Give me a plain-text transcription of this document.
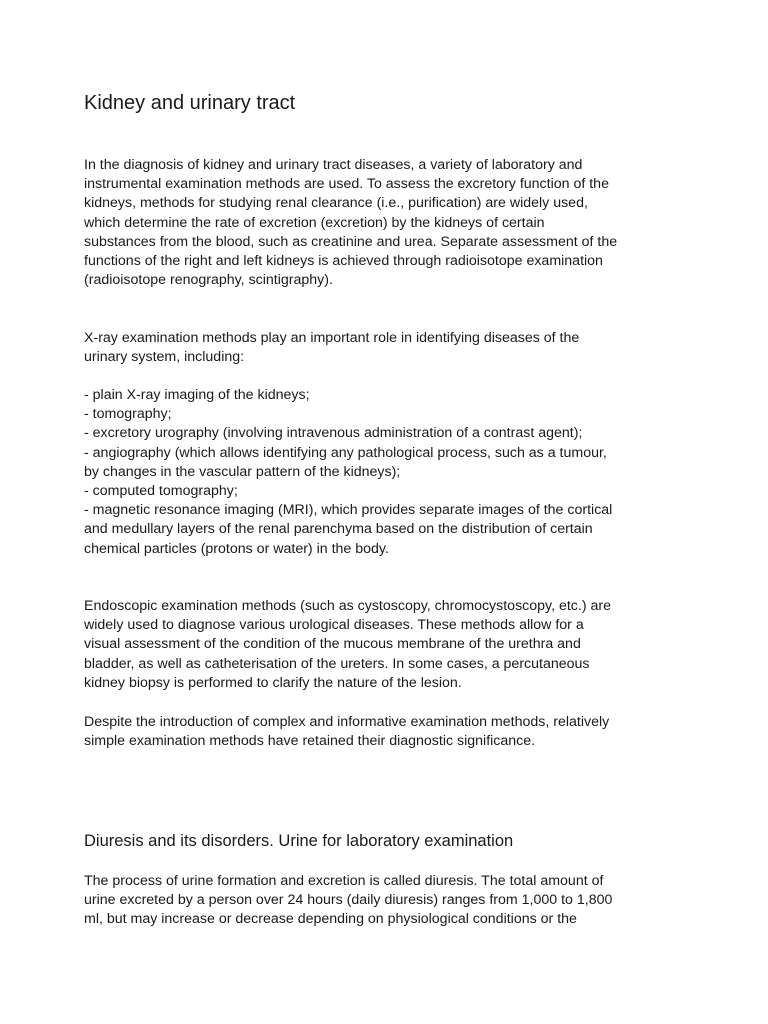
Kidney and urinary tract
In the diagnosis of kidney and urinary tract diseases, a variety of laboratory and
instrumental examination methods are used. To assess the excretory function of the
kidneys, methods for studying renal clearance (i.e., purification) are widely used,
which determine the rate of excretion (excretion) by the kidneys of certain
substances from the blood, such as creatinine and urea. Separate assessment of the
functions of the right and left kidneys is achieved through radioisotope examination
(radioisotope renography, scintigraphy).
X-ray examination methods play an important role in identifying diseases of the
urinary system, including:
- plain X-ray imaging of the kidneys;
- tomography;
- excretory urography (involving intravenous administration of a contrast agent);
- angiography (which allows identifying any pathological process, such as a tumour,
by changes in the vascular pattern of the kidneys);
- computed tomography;
- magnetic resonance imaging (MRI), which provides separate images of the cortical
and medullary layers of the renal parenchyma based on the distribution of certain
chemical particles (protons or water) in the body.
Endoscopic examination methods (such as cystoscopy, chromocystoscopy, etc.) are
widely used to diagnose various urological diseases. These methods allow for a
visual assessment of the condition of the mucous membrane of the urethra and
bladder, as well as catheterisation of the ureters. In some cases, a percutaneous
kidney biopsy is performed to clarify the nature of the lesion.
Despite the introduction of complex and informative examination methods, relatively
simple examination methods have retained their diagnostic significance.
Diuresis and its disorders. Urine for laboratory examination
The process of urine formation and excretion is called diuresis. The total amount of
urine excreted by a person over 24 hours (daily diuresis) ranges from 1,000 to 1,800
ml, but may increase or decrease depending on physiological conditions or the
